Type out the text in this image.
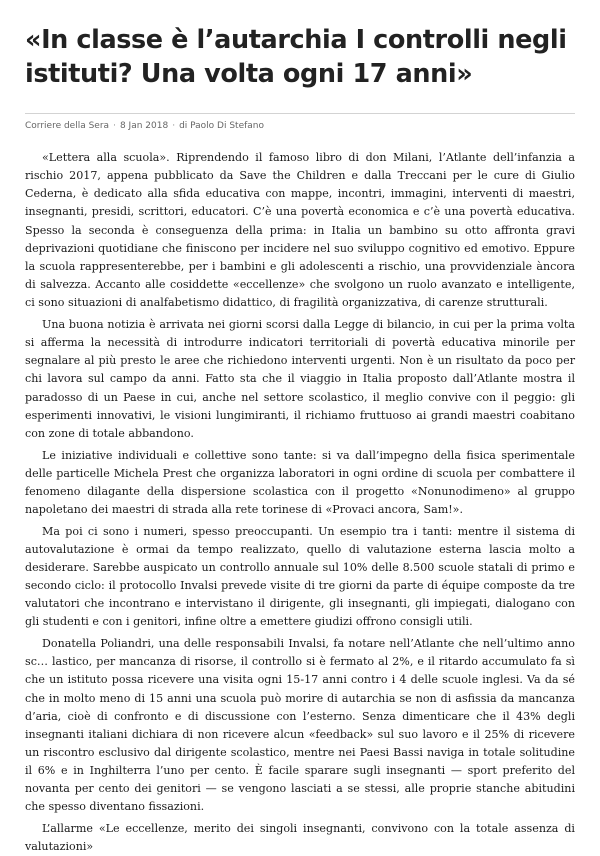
«In classe è l’autarchia I controlli negli istituti? Una volta ogni 17 anni»
Corriere della Sera · 8 Jan 2018 · di Paolo Di Stefano

«Lettera alla scuola». Riprendendo il famoso libro di don Milani, l’Atlante dell’infanzia a rischio 2017, appena pubblicato da Save the Children e dalla Treccani per le cure di Giulio Cederna, è dedicato alla sfida educativa con mappe, incontri, immagini, interventi di maestri, insegnanti, presidi, scrittori, educatori. C’è una povertà economica e c’è una povertà educativa. Spesso la seconda è conseguenza della prima: in Italia un bambino su otto affronta gravi deprivazioni quotidiane che finiscono per incidere nel suo sviluppo cognitivo ed emotivo. Eppure la scuola rappresenterebbe, per i bambini e gli adolescenti a rischio, una provvidenziale àncora di salvezza. Accanto alle cosiddette «eccellenze» che svolgono un ruolo avanzato e intelligente, ci sono situazioni di analfabetismo didattico, di fragilità organizzativa, di carenze strutturali.

Una buona notizia è arrivata nei giorni scorsi dalla Legge di bilancio, in cui per la prima volta si afferma la necessità di introdurre indicatori territoriali di povertà educativa minorile per segnalare al più presto le aree che richiedono interventi urgenti. Non è un risultato da poco per chi lavora sul campo da anni. Fatto sta che il viaggio in Italia proposto dall’Atlante mostra il paradosso di un Paese in cui, anche nel settore scolastico, il meglio convive con il peggio: gli esperimenti innovativi, le visioni lungimiranti, il richiamo fruttuoso ai grandi maestri coabitano con zone di totale abbandono.

Le iniziative individuali e collettive sono tante: si va dall’impegno della fisica sperimentale delle particelle Michela Prest che organizza laboratori in ogni ordine di scuola per combattere il fenomeno dilagante della dispersione scolastica con il progetto «Nonunodimeno» al gruppo napoletano dei maestri di strada alla rete torinese di «Provaci ancora, Sam!».

Ma poi ci sono i numeri, spesso preoccupanti. Un esempio tra i tanti: mentre il sistema di autovalutazione è ormai da tempo realizzato, quello di valutazione esterna lascia molto a desiderare. Sarebbe auspicato un controllo annuale sul 10% delle 8.500 scuole statali di primo e secondo ciclo: il protocollo Invalsi prevede visite di tre giorni da parte di équipe composte da tre valutatori che incontrano e intervistano il dirigente, gli insegnanti, gli impiegati, dialogano con gli studenti e con i genitori, infine oltre a emettere giudizi offrono consigli utili.

Donatella Poliandri, una delle responsabili Invalsi, fa notare nell’Atlante che nell’ultimo anno sc… lastico, per mancanza di risorse, il controllo si è fermato al 2%, e il ritardo accumulato fa sì che un istituto possa ricevere una visita ogni 15-17 anni contro i 4 delle scuole inglesi. Va da sé che in molto meno di 15 anni una scuola può morire di autarchia se non di asfissia da mancanza d’aria, cioè di confronto e di discussione con l’esterno. Senza dimenticare che il 43% degli insegnanti italiani dichiara di non ricevere alcun «feedback» sul suo lavoro e il 25% di ricevere un riscontro esclusivo dal dirigente scolastico, mentre nei Paesi Bassi naviga in totale solitudine il 6% e in Inghilterra l’uno per cento. È facile sparare sugli insegnanti — sport preferito del novanta per cento dei genitori — se vengono lasciati a se stessi, alle proprie stanche abitudini che spesso diventano fissazioni.

L’allarme «Le eccellenze, merito dei singoli insegnanti, convivono con la totale assenza di valutazioni»
